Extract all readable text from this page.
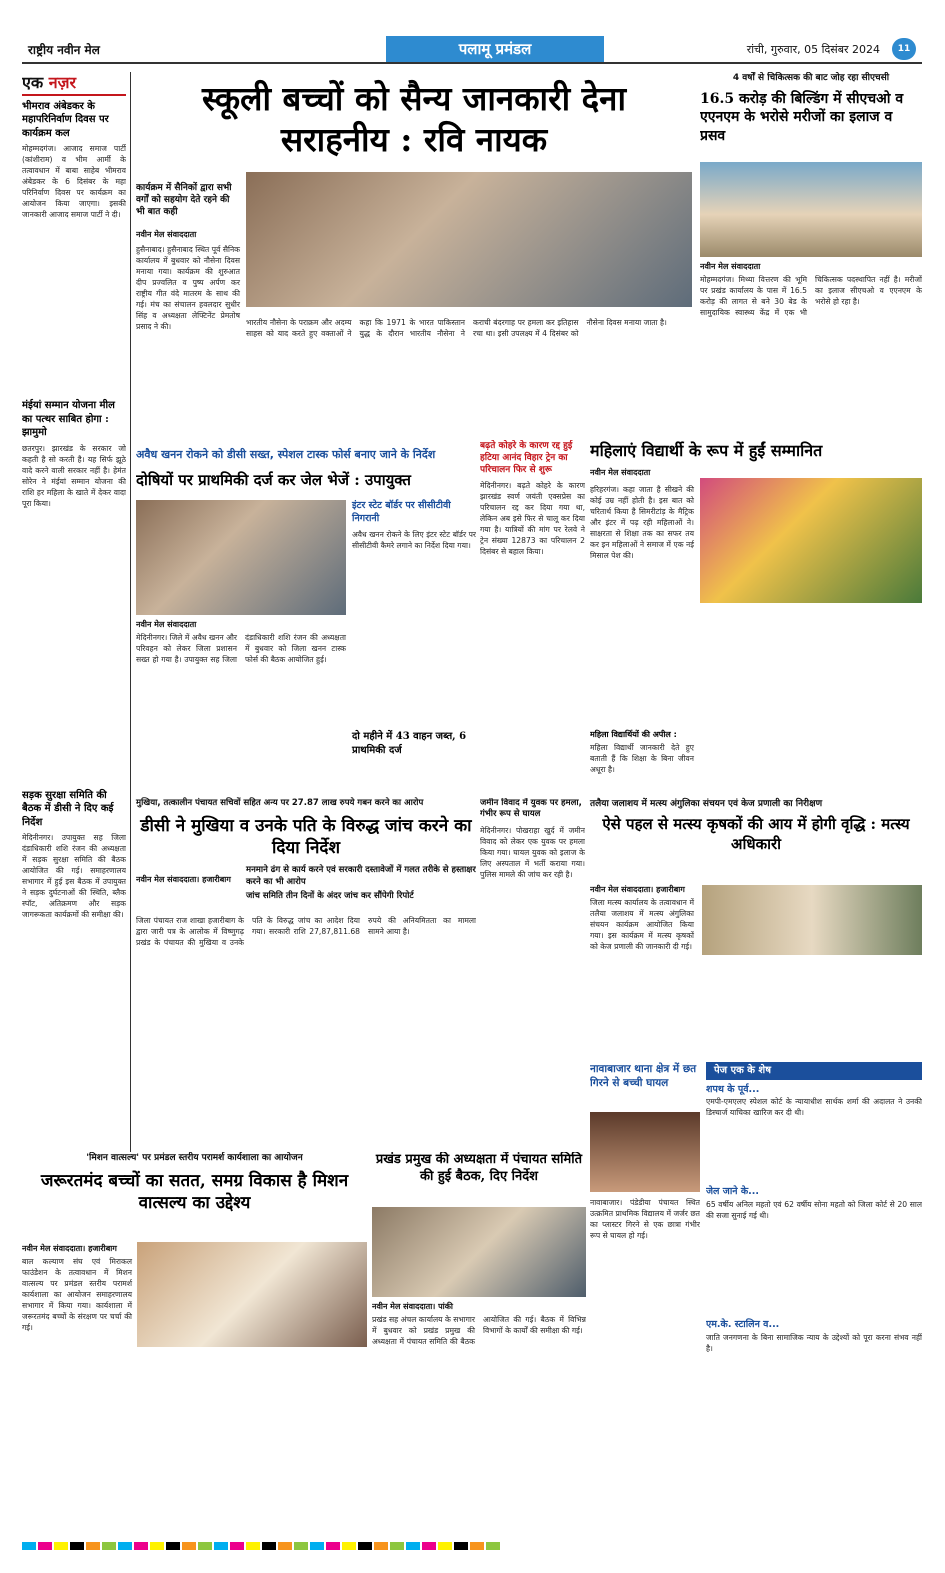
राष्ट्रीय नवीन मेल	पलामू प्रमंडल	रांची, गुरुवार, 05 दिसंबर 2024	11
एक नज़र
भीमराव अंबेडकर के महापरिनिर्वाण दिवस पर कार्यक्रम कल
मोहम्मदगंज। आजाद समाज पार्टी (कांशीराम) व भीम आर्मी के तत्वावधान में बाबा साहेब भीमराव अंबेडकर के 6 दिसंबर के महा परिनिर्वाण दिवस पर कार्यक्रम का आयोजन किया जाएगा। इसकी जानकारी आजाद समाज पार्टी ने दी।
मंईयां सम्मान योजना मील का पत्थर साबित होगा : झामुमो
छतरपुर। झारखंड के सरकार जो कहती है सो करती है। यह सिर्फ झूठे वादे करने वाली सरकार नहीं है। हेमंत सोरेन ने मंईयां सम्मान योजना की राशि हर महिला के खाते में देकर वादा पूरा किया।
सड़क सुरक्षा समिति की बैठक में डीसी ने दिए कई निर्देश
मेदिनीनगर। उपायुक्त सह जिला दंडाधिकारी शशि रंजन की अध्यक्षता में सड़क सुरक्षा समिति की बैठक आयोजित की गई। समाहरणालय सभागार में हुई इस बैठक में उपायुक्त ने सड़क दुर्घटनाओं की स्थिति, ब्लैक स्पॉट, अतिक्रमण और सड़क जागरूकता कार्यक्रमों की समीक्षा की।
स्कूली बच्चों को सैन्य जानकारी देना सराहनीय : रवि नायक
कार्यक्रम में सैनिकों द्वारा सभी वर्गों को सहयोग देते रहने की भी बात कही
नवीन मेल संवाददाता
हुसैनाबाद। हुसैनाबाद स्थित पूर्व सैनिक कार्यालय में बुधवार को नौसेना दिवस मनाया गया। कार्यक्रम की शुरुआत दीप प्रज्वलित व पुष्प अर्पण कर राष्ट्रीय गीत वंदे मातरम के साथ की गई। मंच का संचालन हवलदार सुधीर सिंह व अध्यक्षता लेफ्टिनेंट प्रेमतोष प्रसाद ने की।	भारतीय नौसेना के पराक्रम और अदम्य साहस को याद करते हुए वक्ताओं ने कहा कि 1971 के भारत पाकिस्तान युद्ध के दौरान भारतीय नौसेना ने कराची बंदरगाह पर हमला कर इतिहास रचा था। इसी उपलक्ष्य में 4 दिसंबर को नौसेना दिवस मनाया जाता है।
4 वर्षों से चिकित्सक की बाट जोह रहा सीएचसी
16.5 करोड़ की बिल्डिंग में सीएचओ व एएनएम के भरोसे मरीजों का इलाज व प्रसव
नवीन मेल संवाददाता
मोहम्मदगंज। मिथ्या वित्तरण की भूमि पर प्रखंड कार्यालय के पास में 16.5 करोड़ की लागत से बने 30 बेड के सामुदायिक स्वास्थ्य केंद्र में एक भी चिकित्सक पदस्थापित नहीं है। मरीजों का इलाज सीएचओ व एएनएम के भरोसे हो रहा है।
अवैध खनन रोकने को डीसी सख्त, स्पेशल टास्क फोर्स बनाए जाने के निर्देश
दोषियों पर प्राथमिकी दर्ज कर जेल भेजें : उपायुक्त
इंटर स्टेट बॉर्डर पर सीसीटीवी निगरानी
अवैध खनन रोकने के लिए इंटर स्टेट बॉर्डर पर सीसीटीवी कैमरे लगाने का निर्देश दिया गया।
नवीन मेल संवाददाता
मेदिनीनगर। जिले में अवैध खनन और परिवहन को लेकर जिला प्रशासन सख्त हो गया है। उपायुक्त सह जिला दंडाधिकारी शशि रंजन की अध्यक्षता में बुधवार को जिला खनन टास्क फोर्स की बैठक आयोजित हुई।
दो महीने में 43 वाहन जब्त, 6 प्राथमिकी दर्ज
बढ़ते कोहरे के कारण रद्द हुई हटिया आनंद विहार ट्रेन का परिचालन फिर से शुरू
मेदिनीनगर। बढ़ते कोहरे के कारण झारखंड स्वर्ण जयंती एक्सप्रेस का परिचालन रद्द कर दिया गया था, लेकिन अब इसे फिर से चालू कर दिया गया है। यात्रियों की मांग पर रेलवे ने ट्रेन संख्या 12873 का परिचालन 2 दिसंबर से बहाल किया।
महिलाएं विद्यार्थी के रूप में हुईं सम्मानित
नवीन मेल संवाददाता
हरिहरगंज। कहा जाता है सीखने की कोई उम्र नहीं होती है। इस बात को चरितार्थ किया है सिमरीटांड़ के मैट्रिक और इंटर में पढ़ रही महिलाओं ने। साक्षरता से शिक्षा तक का सफर तय कर इन महिलाओं ने समाज में एक नई मिसाल पेश की।
महिला विद्यार्थियों की अपील :
महिला विद्यार्थी जानकारी देते हुए बताती हैं कि शिक्षा के बिना जीवन अधूरा है।
मुखिया, तत्कालीन पंचायत सचिवों सहित अन्य पर 27.87 लाख रुपये गबन करने का आरोप	तलैया जलाशय में मत्स्य अंगुलिका संचयन एवं केज प्रणाली का निरीक्षण
डीसी ने मुखिया व उनके पति के विरुद्ध जांच करने का दिया निर्देश
मनमाने ढंग से कार्य करने एवं सरकारी दस्तावेजों में गलत तरीके से हस्ताक्षर करने का भी आरोप
जांच समिति तीन दिनों के अंदर जांच कर सौंपेगी रिपोर्ट
नवीन मेल संवाददाता। हजारीबाग
जिला पंचायत राज शाखा हजारीबाग के द्वारा जारी पत्र के आलोक में विष्णुगढ़ प्रखंड के पंचायत की मुखिया व उनके पति के विरुद्ध जांच का आदेश दिया गया। सरकारी राशि 27,87,811.68 रुपये की अनियमितता का मामला सामने आया है।
जमीन विवाद में युवक पर हमला, गंभीर रूप से घायल
मेदिनीनगर। पोखराहा खुर्द में जमीन विवाद को लेकर एक युवक पर हमला किया गया। घायल युवक को इलाज के लिए अस्पताल में भर्ती कराया गया। पुलिस मामले की जांच कर रही है।
ऐसे पहल से मत्स्य कृषकों की आय में होगी वृद्धि : मत्स्य अधिकारी
नवीन मेल संवाददाता। हजारीबाग
जिला मत्स्य कार्यालय के तत्वावधान में तलैया जलाशय में मत्स्य अंगुलिका संचयन कार्यक्रम आयोजित किया गया। इस कार्यक्रम में मत्स्य कृषकों को केज प्रणाली की जानकारी दी गई।
नावाबाजार थाना क्षेत्र में छत गिरने से बच्ची घायल
नावाबाजार। पंडेडीया पंचायत स्थित उत्क्रमित प्राथमिक विद्यालय में जर्जर छत का प्लास्टर गिरने से एक छात्रा गंभीर रूप से घायल हो गई।
पेज एक के शेष
शपथ के पूर्व...
एमपी-एमएलए स्पेशल कोर्ट के न्यायाधीश सार्थक शर्मा की अदालत ने उनकी डिस्चार्ज याचिका खारिज कर दी थी।
जेल जाने के...
65 वर्षीय अनिल महतो एवं 62 वर्षीय सोना महतो को जिला कोर्ट से 20 साल की सजा सुनाई गई थी।
एम.के. स्टालिन व...
जाति जनगणना के बिना सामाजिक न्याय के उद्देश्यों को पूरा करना संभव नहीं है।
'मिशन वात्सल्य' पर प्रमंडल स्तरीय परामर्श कार्यशाला का आयोजन
जरूरतमंद बच्चों का सतत, समग्र विकास है मिशन वात्सल्य का उद्देश्य
नवीन मेल संवाददाता। हजारीबाग
बाल कल्याण संघ एवं मिराकल फाउंडेशन के तत्वावधान में मिशन वात्सल्य पर प्रमंडल स्तरीय परामर्श कार्यशाला का आयोजन समाहरणालय सभागार में किया गया। कार्यशाला में जरूरतमंद बच्चों के संरक्षण पर चर्चा की गई।
प्रखंड प्रमुख की अध्यक्षता में पंचायत समिति की हुई बैठक, दिए निर्देश
नवीन मेल संवाददाता। पांकी
प्रखंड सह अंचल कार्यालय के सभागार में बुधवार को प्रखंड प्रमुख की अध्यक्षता में पंचायत समिति की बैठक आयोजित की गई। बैठक में विभिन्न विभागों के कार्यों की समीक्षा की गई।
